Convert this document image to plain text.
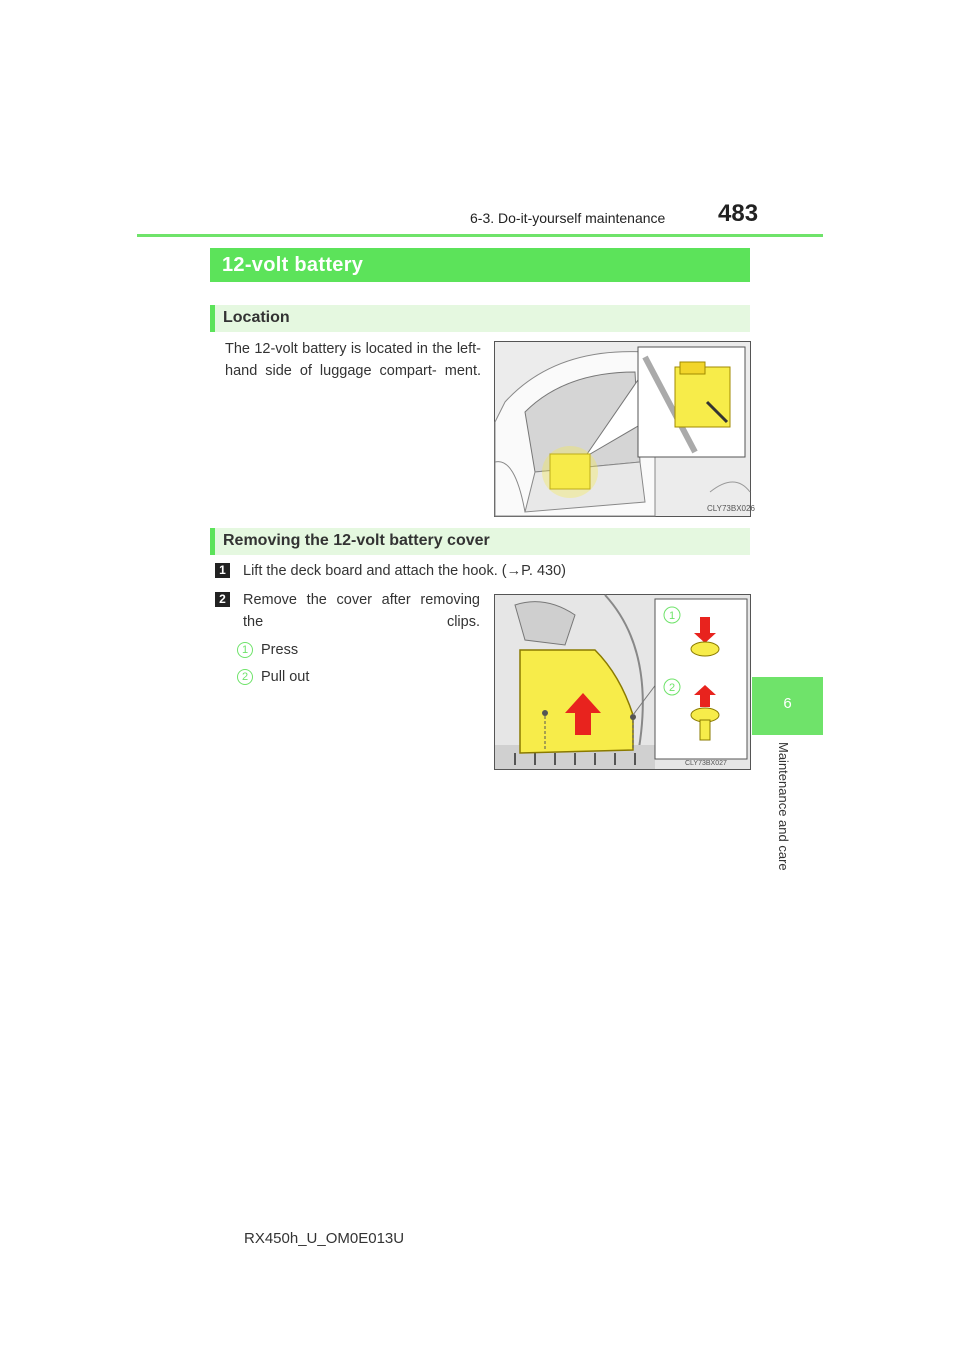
6-3. Do-it-yourself maintenance 483
6
Maintenance and care
12-volt battery
Location
The 12-volt battery is located in the left-hand side of luggage compart- ment.
CLY73BX026
Removing the 12-volt battery cover
1 Lift the deck board and attach the hook. (→P. 430)
2 Remove the cover after removing the clips.
1 Press
2 Pull out
1
2
CLY73BX027
RX450h_U_OM0E013U
